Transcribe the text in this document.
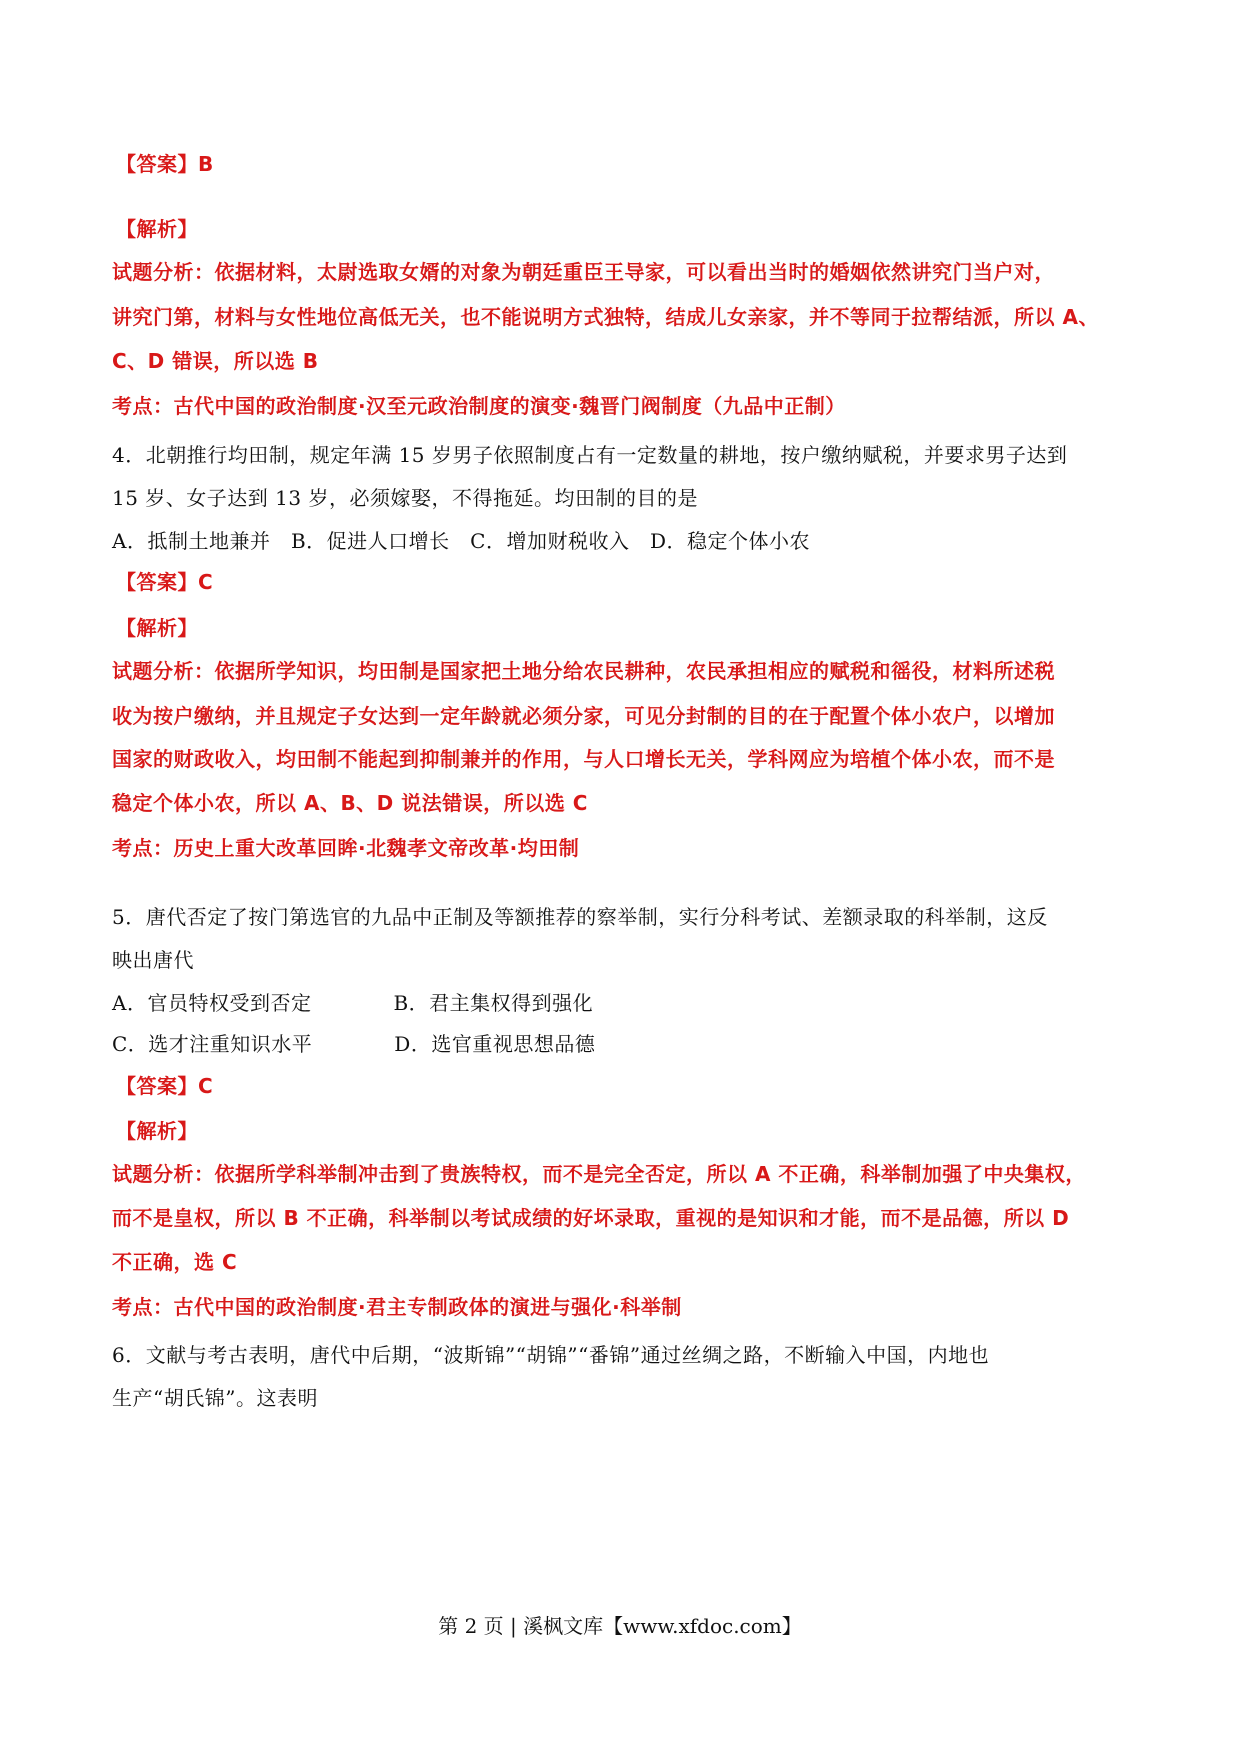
【答案】B
【解析】
试题分析：依据材料，太尉选取女婿的对象为朝廷重臣王导家，可以看出当时的婚姻依然讲究门当户对，
讲究门第，材料与女性地位高低无关，也不能说明方式独特，结成儿女亲家，并不等同于拉帮结派，所以 A、
C、D 错误，所以选 B
考点：古代中国的政治制度·汉至元政治制度的演变·魏晋门阀制度（九品中正制）
4．北朝推行均田制，规定年满 15 岁男子依照制度占有一定数量的耕地，按户缴纳赋税，并要求男子达到
15 岁、女子达到 13 岁，必须嫁娶，不得拖延。均田制的目的是
A．抵制土地兼并　B．促进人口增长　C．增加财税收入　D．稳定个体小农
【答案】C
【解析】
试题分析：依据所学知识，均田制是国家把土地分给农民耕种，农民承担相应的赋税和徭役，材料所述税
收为按户缴纳，并且规定子女达到一定年龄就必须分家，可见分封制的目的在于配置个体小农户，以增加
国家的财政收入，均田制不能起到抑制兼并的作用，与人口增长无关，学科网应为培植个体小农，而不是
稳定个体小农，所以 A、B、D 说法错误，所以选 C
考点：历史上重大改革回眸·北魏孝文帝改革·均田制
5．唐代否定了按门第选官的九品中正制及等额推荐的察举制，实行分科考试、差额录取的科举制，这反
映出唐代
A．官员特权受到否定　　　　B．君主集权得到强化
C．选才注重知识水平　　　　D．选官重视思想品德
【答案】C
【解析】
试题分析：依据所学科举制冲击到了贵族特权，而不是完全否定，所以 A 不正确，科举制加强了中央集权，
而不是皇权，所以 B 不正确，科举制以考试成绩的好坏录取，重视的是知识和才能，而不是品德，所以 D
不正确，选 C
考点：古代中国的政治制度·君主专制政体的演进与强化·科举制
6．文献与考古表明，唐代中后期，“波斯锦”“胡锦”“番锦”通过丝绸之路，不断输入中国，内地也
生产“胡氏锦”。这表明
第 2 页 | 溪枫文库【www.xfdoc.com】
